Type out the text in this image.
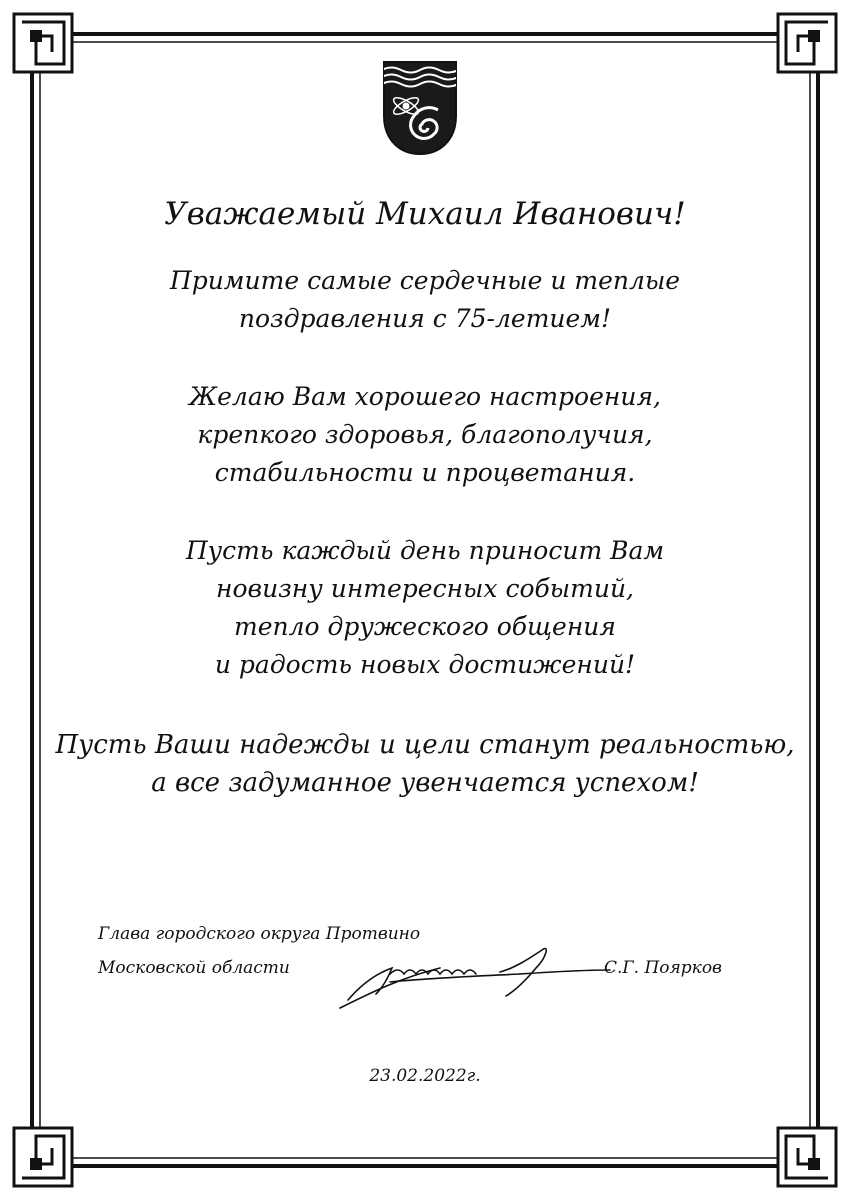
Уважаемый Михаил Иванович!
Примите самые сердечные и теплые
поздравления с 75-летием!
Желаю Вам хорошего настроения,
крепкого здоровья, благополучия,
стабильности и процветания.
Пусть каждый день приносит Вам
новизну интересных событий,
тепло дружеского общения
и радость новых достижений!
Пусть Ваши надежды и цели станут реальностью,
а все задуманное увенчается успехом!
Глава городского округа Протвино
Московской области	С.Г. Поярков
23.02.2022г.
